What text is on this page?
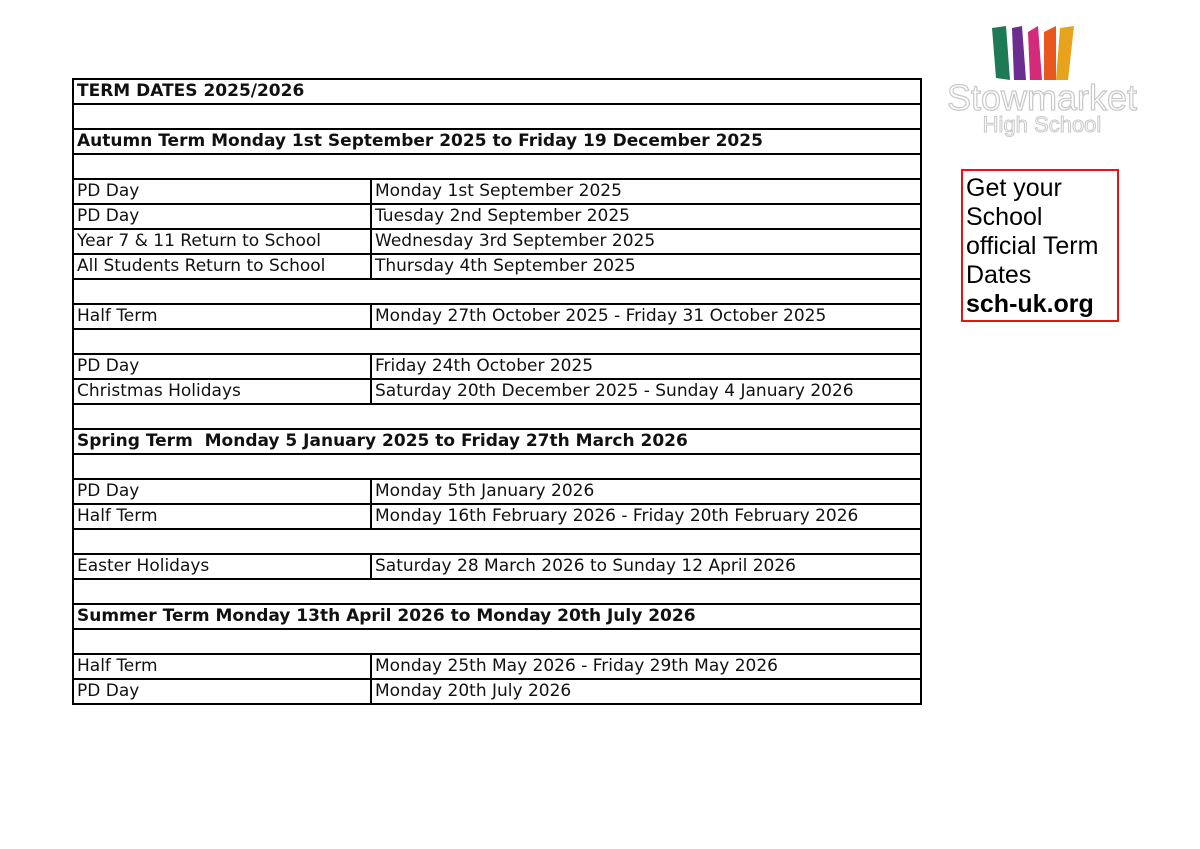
TERM DATES 2025/2026	

Autumn Term Monday 1st September 2025 to Friday 19 December 2025	

PD Day	Monday 1st September 2025
PD Day	Tuesday 2nd September 2025
Year 7 & 11 Return to School	Wednesday 3rd September 2025
All Students Return to School	Thursday 4th September 2025

Half Term	Monday 27th October 2025 - Friday 31 October 2025

PD Day	Friday 24th October 2025
Christmas Holidays	Saturday 20th December 2025 - Sunday 4 January 2026

Spring Term  Monday 5 January 2025 to Friday 27th March 2026	

PD Day	Monday 5th January 2026
Half Term	Monday 16th February 2026 - Friday 20th February 2026

Easter Holidays	Saturday 28 March 2026 to Sunday 12 April 2026

Summer Term Monday 13th April 2026 to Monday 20th July 2026	

Half Term	Monday 25th May 2026 - Friday 29th May 2026
PD Day	Monday 20th July 2026
Stowmarket
High School
Get your School official Term Dates
sch-uk.org
